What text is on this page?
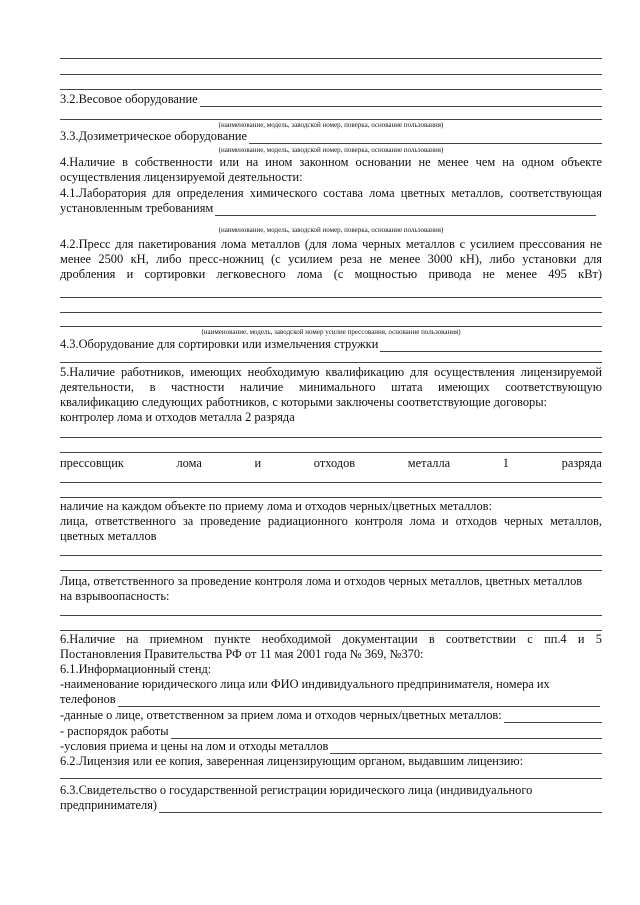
3.2.Весовое оборудование
(наименование, модель, заводской номер, поверка, основание пользования)
3.3.Дозиметрическое оборудование
(наименование, модель, заводской номер, поверка, основание пользования)
4.Наличие в собственности или на ином законном основании не менее чем на одном объекте
осуществления лицензируемой деятельности:
4.1.Лаборатория для определения химического состава лома цветных металлов, соответствующая
установленным требованиям
(наименование, модель, заводской номер, поверка, основание пользования)
4.2.Пресс для пакетирования лома металлов (для лома черных металлов с усилием прессования не
менее 2500 кН, либо пресс-ножниц (с усилием реза не менее 3000 кН), либо установки для
дробления и сортировки легковесного лома (с мощностью привода не менее 495 кВт)
(наименование, модель, заводской номер усилие прессования, основание пользования)
4.3.Оборудование для сортировки или измельчения стружки
5.Наличие работников, имеющих необходимую квалификацию для осуществления лицензируемой
деятельности, в частности наличие минимального штата имеющих соответствующую
квалификацию следующих работников, с которыми заключены соответствующие договоры:
контролер лома и отходов металла 2 разряда
прессовщик	лома	и	отходов	металла	1	разряда
наличие на каждом объекте по приему лома и отходов черных/цветных металлов:
лица, ответственного за проведение радиационного контроля лома и отходов черных металлов,
цветных металлов
Лица, ответственного за проведение контроля лома и отходов черных металлов, цветных металлов
на взрывоопасность:
6.Наличие на приемном пункте необходимой документации в соответствии с пп.4 и 5
Постановления Правительства РФ от 11 мая 2001 года № 369, №370:
6.1.Информационный стенд:
-наименование юридического лица или ФИО индивидуального предпринимателя, номера их
телефонов
-данные о лице, ответственном за прием лома и отходов черных/цветных металлов:
- распорядок работы
-условия приема и цены на лом и отходы металлов
6.2.Лицензия или ее копия, заверенная лицензирующим органом, выдавшим лицензию:
6.3.Свидетельство о государственной регистрации юридического лица (индивидуального
предпринимателя)
